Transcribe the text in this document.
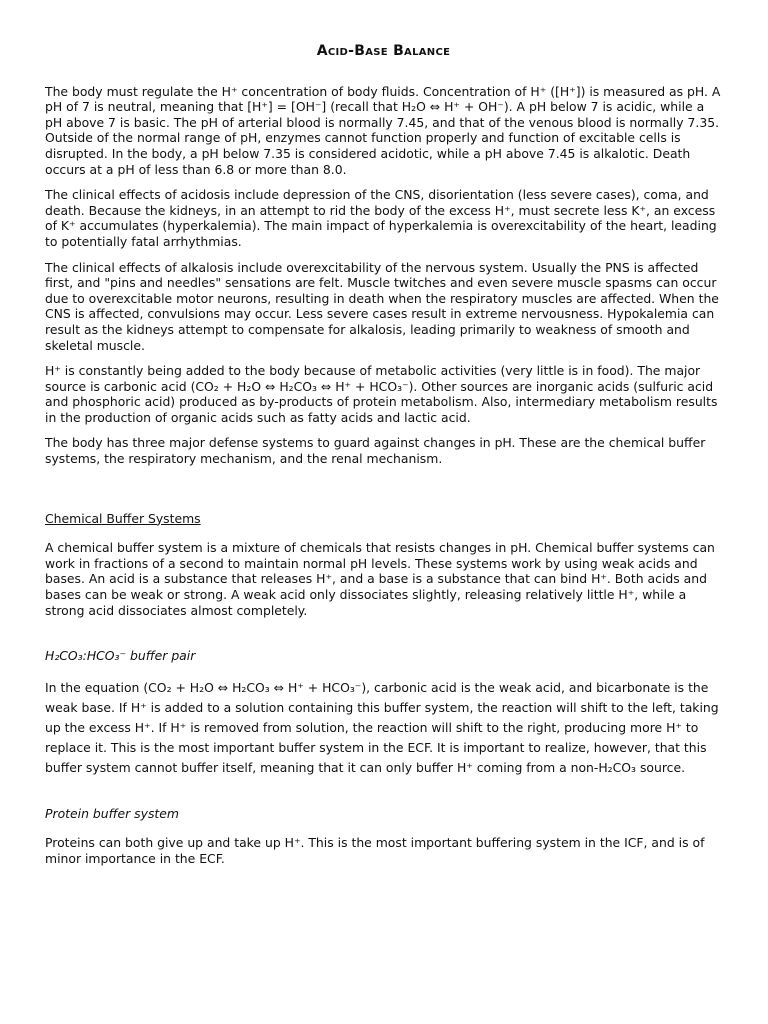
Acid-Base Balance

The body must regulate the H⁺ concentration of body fluids. Concentration of H⁺ ([H⁺]) is measured as pH. A pH of 7 is neutral, meaning that [H⁺] = [OH⁻] (recall that H₂O ⇔ H⁺ + OH⁻). A pH below 7 is acidic, while a pH above 7 is basic. The pH of arterial blood is normally 7.45, and that of the venous blood is normally 7.35. Outside of the normal range of pH, enzymes cannot function properly and function of excitable cells is disrupted. In the body, a pH below 7.35 is considered acidotic, while a pH above 7.45 is alkalotic. Death occurs at a pH of less than 6.8 or more than 8.0.

The clinical effects of acidosis include depression of the CNS, disorientation (less severe cases), coma, and death. Because the kidneys, in an attempt to rid the body of the excess H⁺, must secrete less K⁺, an excess of K⁺ accumulates (hyperkalemia). The main impact of hyperkalemia is overexcitability of the heart, leading to potentially fatal arrhythmias.

The clinical effects of alkalosis include overexcitability of the nervous system. Usually the PNS is affected first, and "pins and needles" sensations are felt. Muscle twitches and even severe muscle spasms can occur due to overexcitable motor neurons, resulting in death when the respiratory muscles are affected. When the CNS is affected, convulsions may occur. Less severe cases result in extreme nervousness. Hypokalemia can result as the kidneys attempt to compensate for alkalosis, leading primarily to weakness of smooth and skeletal muscle.

H⁺ is constantly being added to the body because of metabolic activities (very little is in food). The major source is carbonic acid (CO₂ + H₂O ⇔ H₂CO₃ ⇔ H⁺ + HCO₃⁻). Other sources are inorganic acids (sulfuric acid and phosphoric acid) produced as by-products of protein metabolism. Also, intermediary metabolism results in the production of organic acids such as fatty acids and lactic acid.

The body has three major defense systems to guard against changes in pH. These are the chemical buffer systems, the respiratory mechanism, and the renal mechanism.

Chemical Buffer Systems

A chemical buffer system is a mixture of chemicals that resists changes in pH. Chemical buffer systems can work in fractions of a second to maintain normal pH levels. These systems work by using weak acids and bases. An acid is a substance that releases H⁺, and a base is a substance that can bind H⁺. Both acids and bases can be weak or strong. A weak acid only dissociates slightly, releasing relatively little H⁺, while a strong acid dissociates almost completely.

H₂CO₃:HCO₃⁻ buffer pair

In the equation (CO₂ + H₂O ⇔ H₂CO₃ ⇔ H⁺ + HCO₃⁻), carbonic acid is the weak acid, and bicarbonate is the weak base. If H⁺ is added to a solution containing this buffer system, the reaction will shift to the left, taking up the excess H⁺. If H⁺ is removed from solution, the reaction will shift to the right, producing more H⁺ to replace it. This is the most important buffer system in the ECF. It is important to realize, however, that this buffer system cannot buffer itself, meaning that it can only buffer H⁺ coming from a non-H₂CO₃ source.

Protein buffer system

Proteins can both give up and take up H⁺. This is the most important buffering system in the ICF, and is of minor importance in the ECF.
